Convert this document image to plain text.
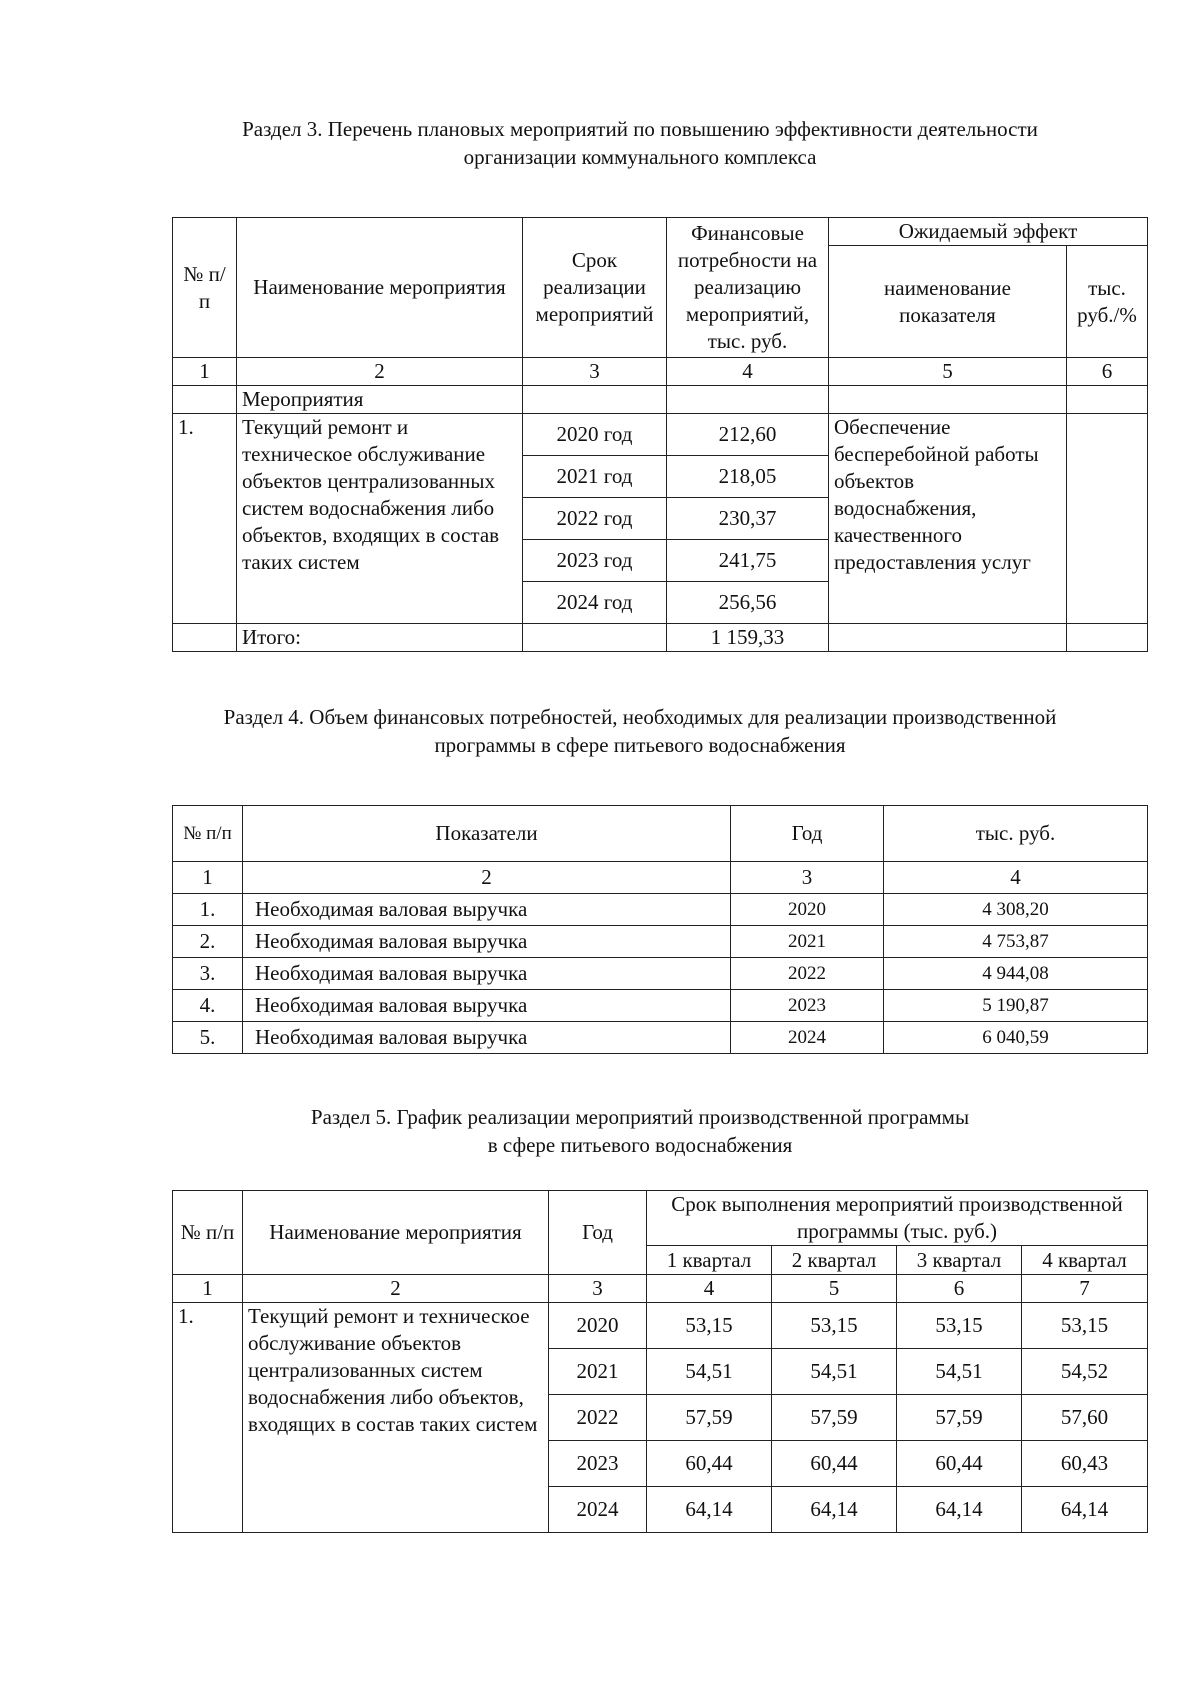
Раздел 3. Перечень плановых мероприятий по повышению эффективности деятельности
организации коммунального комплекса
№ п/п	Наименование мероприятия	Срок реализации мероприятий	Финансовые потребности на реализацию мероприятий, тыс. руб.	Ожидаемый эффект	
				наименование показателя	тыс. руб./%
1	2	3	4	5	6
	Мероприятия				
1.	Текущий ремонт и техническое обслуживание объектов централизованных систем водоснабжения либо объектов, входящих в состав таких систем	2020 год	212,60	Обеспечение бесперебойной работы объектов водоснабжения, качественного предоставления услуг	
		2021 год	218,05		
		2022 год	230,37		
		2023 год	241,75		
		2024 год	256,56		
	Итого:		1 159,33		
Раздел 4. Объем финансовых потребностей, необходимых для реализации производственной
программы в сфере питьевого водоснабжения
№ п/п	Показатели	Год	тыс. руб.
1	2	3	4
1.	Необходимая валовая выручка	2020	4 308,20
2.	Необходимая валовая выручка	2021	4 753,87
3.	Необходимая валовая выручка	2022	4 944,08
4.	Необходимая валовая выручка	2023	5 190,87
5.	Необходимая валовая выручка	2024	6 040,59
Раздел 5. График реализации мероприятий производственной программы
в сфере питьевого водоснабжения
№ п/п	Наименование мероприятия	Год	Срок выполнения мероприятий производственной программы (тыс. руб.)			
			1 квартал	2 квартал	3 квартал	4 квартал
1	2	3	4	5	6	7
1.	Текущий ремонт и техническое обслуживание объектов централизованных систем водоснабжения либо объектов, входящих в состав таких систем	2020	53,15	53,15	53,15	53,15
		2021	54,51	54,51	54,51	54,52
		2022	57,59	57,59	57,59	57,60
		2023	60,44	60,44	60,44	60,43
		2024	64,14	64,14	64,14	64,14
